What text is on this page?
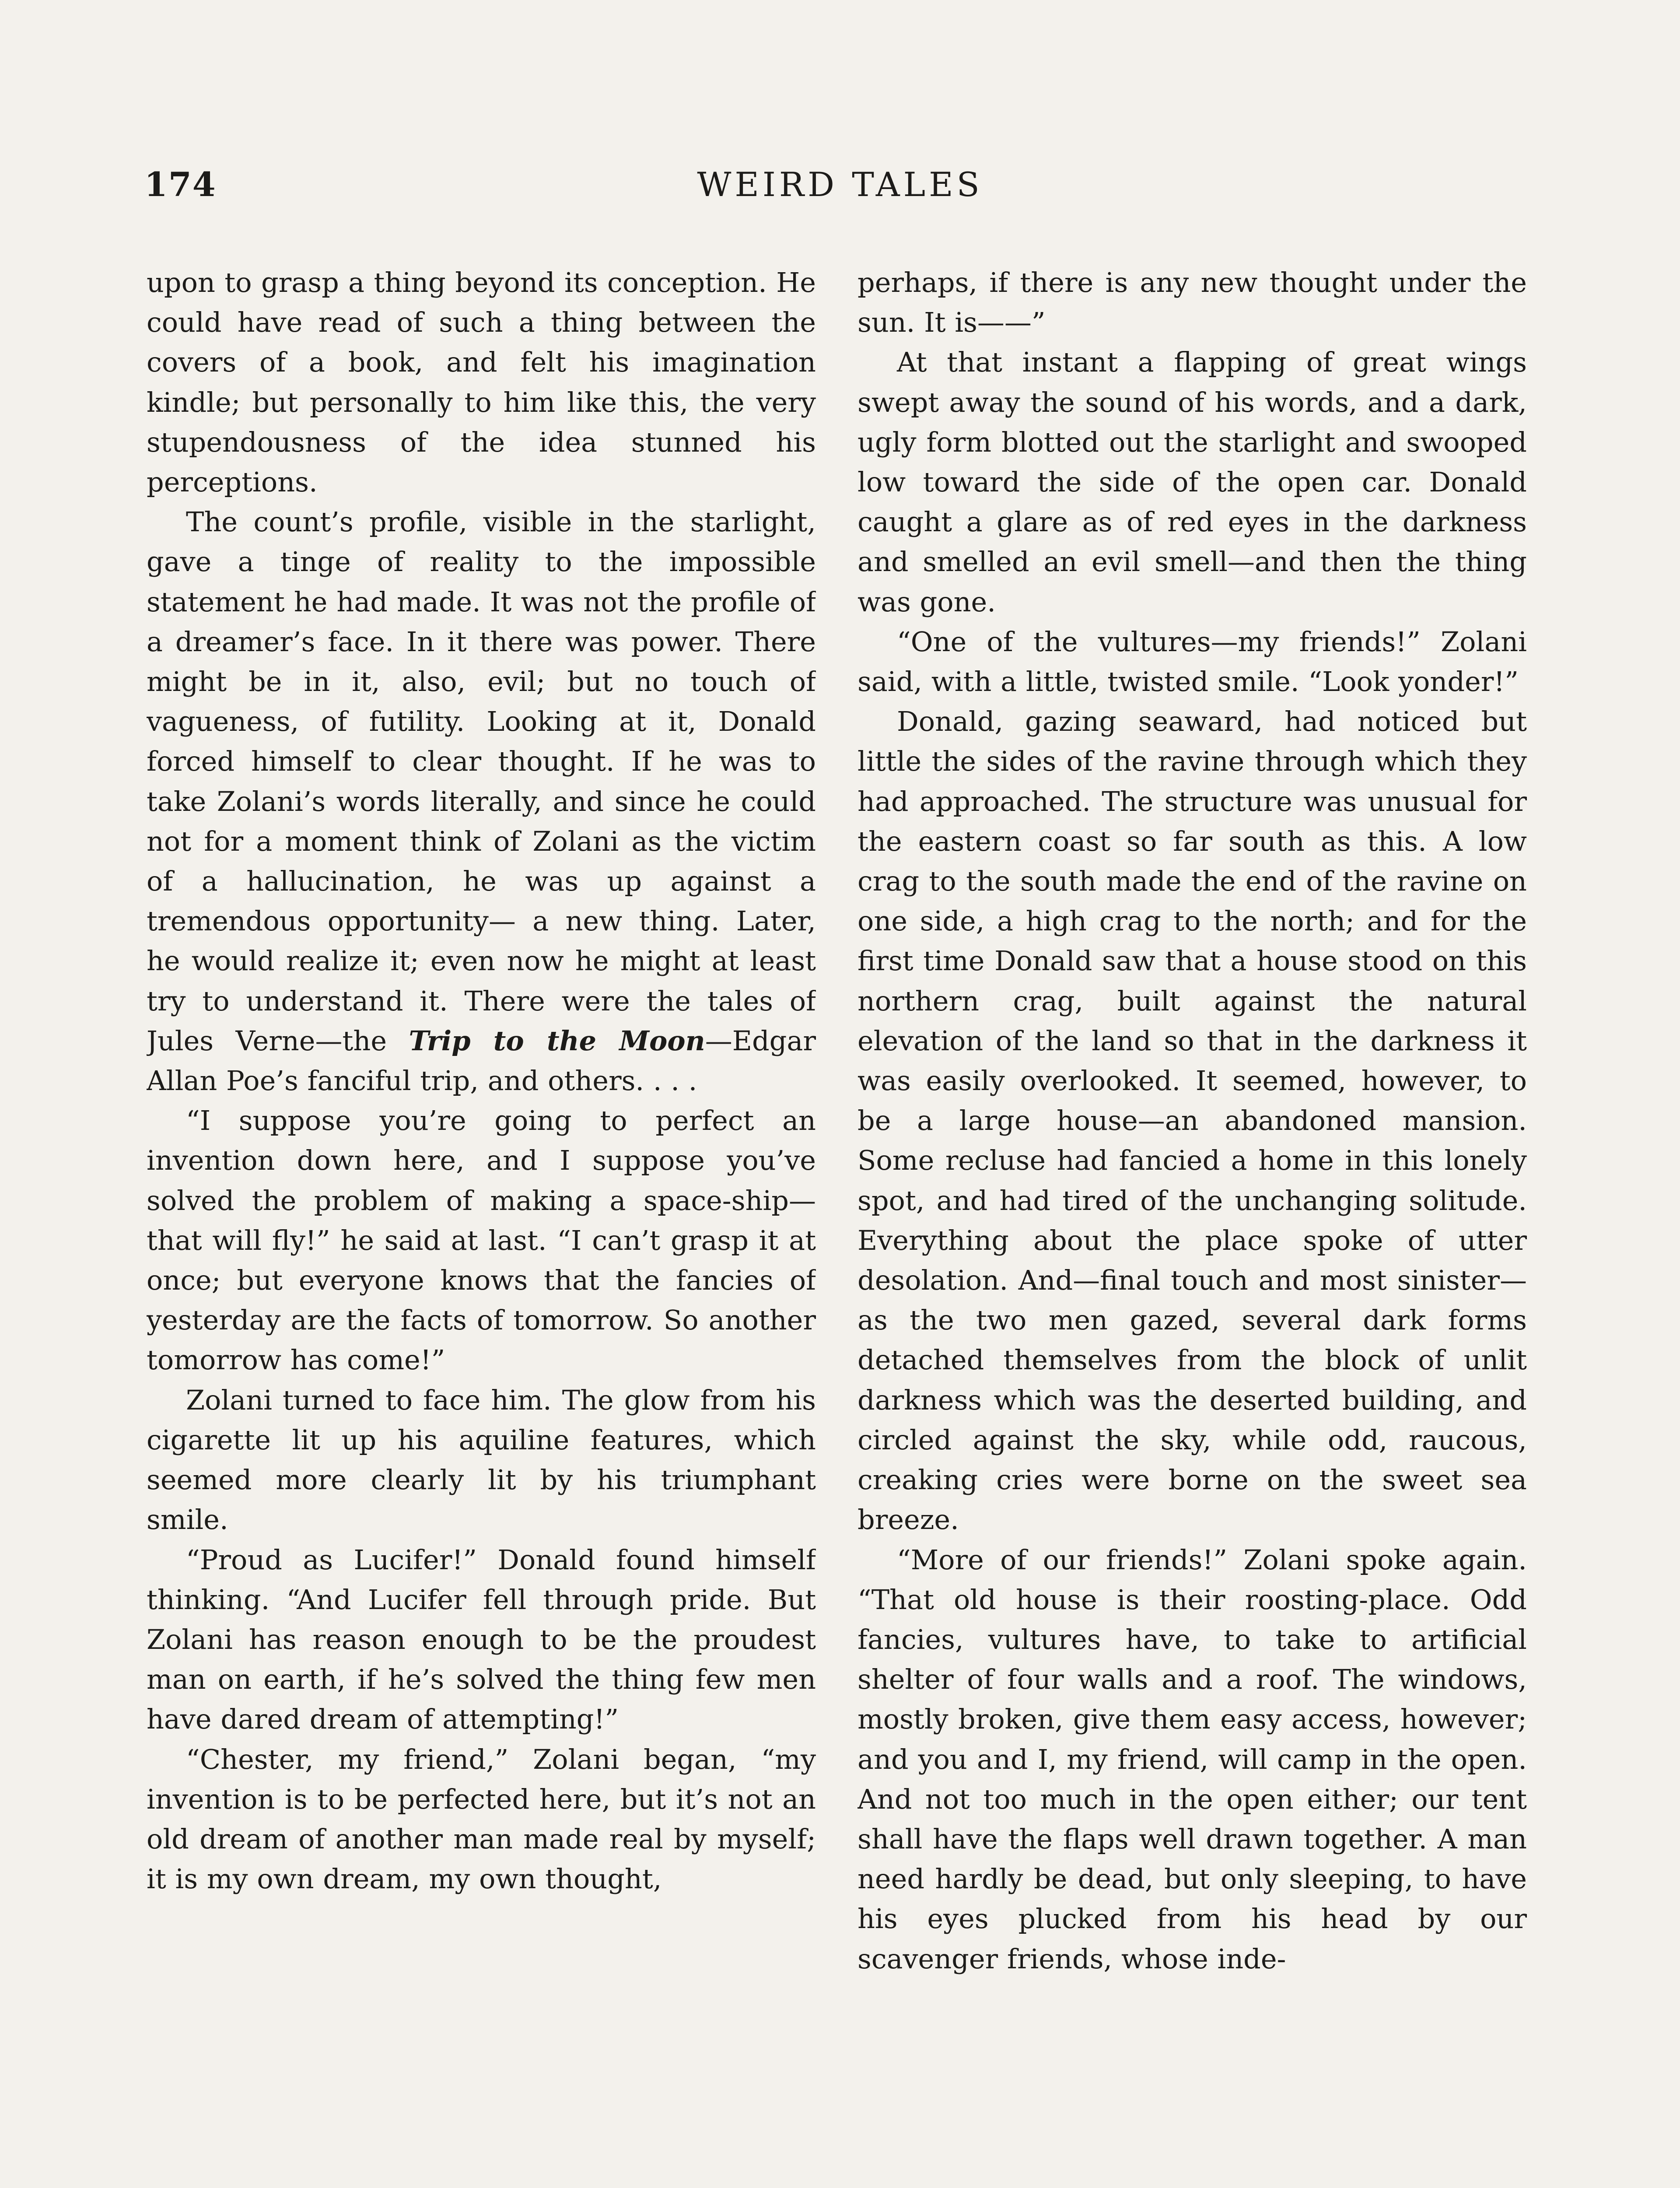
174	WEIRD TALES

upon to grasp a thing beyond its conception. He could have read of such a thing between the covers of a book, and felt his imagination kindle; but personally to him like this, the very stupendousness of the idea stunned his perceptions.

The count’s profile, visible in the starlight, gave a tinge of reality to the impossible statement he had made. It was not the profile of a dreamer’s face. In it there was power. There might be in it, also, evil; but no touch of vagueness, of futility. Looking at it, Donald forced himself to clear thought. If he was to take Zolani’s words literally, and since he could not for a moment think of Zolani as the victim of a hallucination, he was up against a tremendous opportunity— a new thing. Later, he would realize it; even now he might at least try to understand it. There were the tales of Jules Verne—the Trip to the Moon—Edgar Allan Poe’s fanciful trip, and others. . . .

“I suppose you’re going to perfect an invention down here, and I suppose you’ve solved the problem of making a space-ship—that will fly!” he said at last. “I can’t grasp it at once; but everyone knows that the fancies of yesterday are the facts of tomorrow. So another tomorrow has come!”

Zolani turned to face him. The glow from his cigarette lit up his aquiline features, which seemed more clearly lit by his triumphant smile.

“Proud as Lucifer!” Donald found himself thinking. “And Lucifer fell through pride. But Zolani has reason enough to be the proudest man on earth, if he’s solved the thing few men have dared dream of attempting!”

“Chester, my friend,” Zolani began, “my invention is to be perfected here, but it’s not an old dream of another man made real by myself; it is my own dream, my own thought,

perhaps, if there is any new thought under the sun. It is——”

At that instant a flapping of great wings swept away the sound of his words, and a dark, ugly form blotted out the starlight and swooped low toward the side of the open car. Donald caught a glare as of red eyes in the darkness and smelled an evil smell—and then the thing was gone.

“One of the vultures—my friends!” Zolani said, with a little, twisted smile. “Look yonder!”

Donald, gazing seaward, had noticed but little the sides of the ravine through which they had approached. The structure was unusual for the eastern coast so far south as this. A low crag to the south made the end of the ravine on one side, a high crag to the north; and for the first time Donald saw that a house stood on this northern crag, built against the natural elevation of the land so that in the darkness it was easily overlooked. It seemed, however, to be a large house—an abandoned mansion. Some recluse had fancied a home in this lonely spot, and had tired of the unchanging solitude. Everything about the place spoke of utter desolation. And—final touch and most sinister—as the two men gazed, several dark forms detached themselves from the block of unlit darkness which was the deserted building, and circled against the sky, while odd, raucous, creaking cries were borne on the sweet sea breeze.

“More of our friends!” Zolani spoke again. “That old house is their roosting-place. Odd fancies, vultures have, to take to artificial shelter of four walls and a roof. The windows, mostly broken, give them easy access, however; and you and I, my friend, will camp in the open. And not too much in the open either; our tent shall have the flaps well drawn together. A man need hardly be dead, but only sleeping, to have his eyes plucked from his head by our scavenger friends, whose inde-
